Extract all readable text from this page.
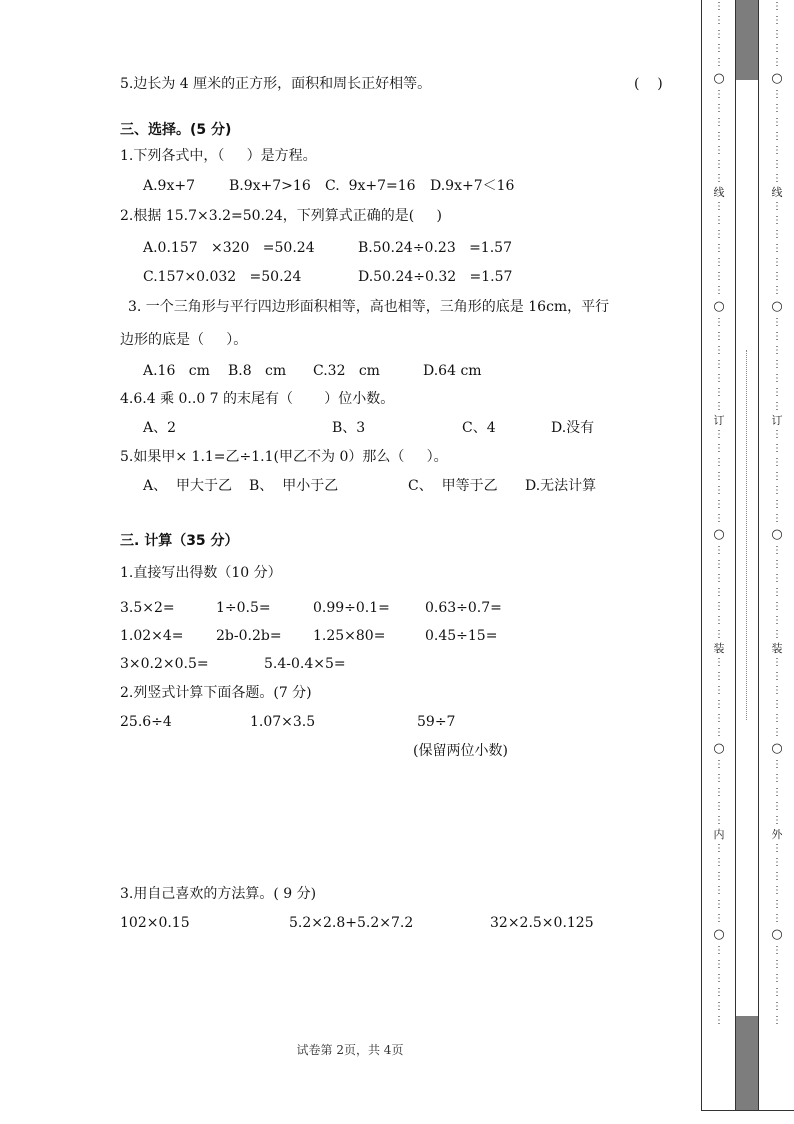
5.边长为 4 厘米的正方形，面积和周长正好相等。	(    )
三、选择。(5 分)
1.下列各式中，（     ）是方程。
A.9x+7 B.9x+7>16 C.  9x+7=16 D.9x+7＜16
2.根据 15.7×3.2=50.24，下列算式正确的是(     )
A.0.157   ×320   =50.24	B.50.24÷0.23   =1.57
C.157×0.032   =50.24	D.50.24÷0.32   =1.57
3. 一个三角形与平行四边形面积相等，高也相等，三角形的底是 16cm，平行
边形的底是（     ）。
A.16   cm B.8   cm C.32   cm	D.64 cm
4.6.4 乘 0..0 7 的末尾有（       ）位小数。
A、2	B、3	C、4	D.没有
5.如果甲× 1.1=乙÷1.1(甲乙不为 0）那么（     ）。
A、  甲大于乙 B、  甲小于乙	C、  甲等于乙 D.无法计算
三. 计算（35 分）
1.直接写出得数（10 分）
3.5×2=	1÷0.5=	0.99÷0.1=	0.63÷0.7=
1.02×4= 2b-0.2b= 1.25×80=	0.45÷15=
3×0.2×0.5=	5.4-0.4×5=
2.列竖式计算下面各题。(7 分)
25.6÷4	1.07×3.5	59÷7
(保留两位小数)
3.用自己喜欢的方法算。( 9 分)
102×0.15	5.2×2.8+5.2×7.2	32×2.5×0.125
试卷第 2页，共 4页
⋮
⋮
⋮
⋮
⋮
○
⋮
⋮
⋮
⋮
⋮
⋮
⋮
线
⋮
⋮
⋮
⋮
⋮
⋮
⋮
○
⋮
⋮
⋮
⋮
⋮
⋮
⋮
订
⋮
⋮
⋮
⋮
⋮
⋮
⋮
○
⋮
⋮
⋮
⋮
⋮
⋮
⋮
装
⋮
⋮
⋮
⋮
⋮
⋮
○
⋮
⋮
⋮
⋮
⋮
内
⋮
⋮
⋮
⋮
⋮
⋮
○
⋮
⋮
⋮
⋮
⋮
⋮
⋮
⋮
⋮
⋮
⋮
○
⋮
⋮
⋮
⋮
⋮
⋮
⋮
线
⋮
⋮
⋮
⋮
⋮
⋮
⋮
○
⋮
⋮
⋮
⋮
⋮
⋮
⋮
订
⋮
⋮
⋮
⋮
⋮
⋮
⋮
○
⋮
⋮
⋮
⋮
⋮
⋮
⋮
装
⋮
⋮
⋮
⋮
⋮
⋮
○
⋮
⋮
⋮
⋮
⋮
外
⋮
⋮
⋮
⋮
⋮
⋮
○
⋮
⋮
⋮
⋮
⋮
⋮
